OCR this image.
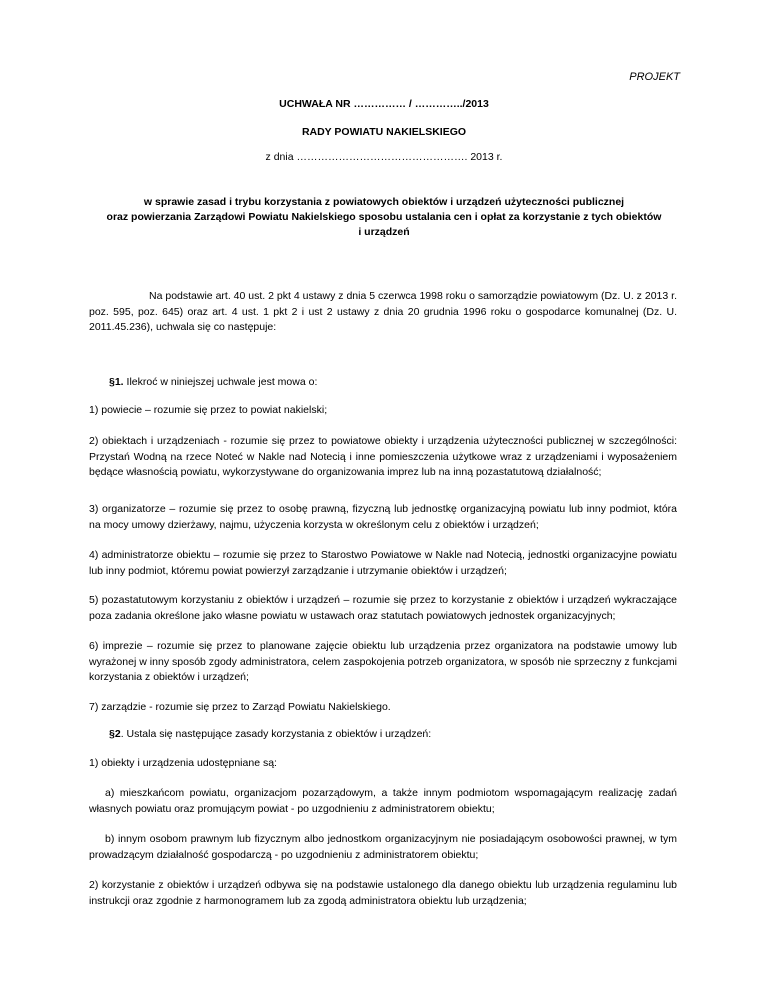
PROJEKT
UCHWAŁA NR …………… / …………../2013
RADY POWIATU NAKIELSKIEGO
z dnia …………………………………………. 2013 r.
w sprawie zasad i trybu korzystania z powiatowych obiektów i urządzeń użyteczności publicznej
oraz powierzania Zarządowi Powiatu Nakielskiego sposobu ustalania cen i opłat za korzystanie z tych obiektów
i urządzeń
Na podstawie art. 40 ust. 2 pkt 4 ustawy z dnia 5 czerwca 1998 roku o samorządzie powiatowym (Dz. U. z 2013 r. poz. 595, poz. 645) oraz art. 4 ust. 1 pkt 2 i ust 2 ustawy z dnia 20 grudnia 1996 roku o gospodarce komunalnej (Dz. U. 2011.45.236), uchwala się co następuje:
§1. Ilekroć w niniejszej uchwale jest mowa o:
1) powiecie – rozumie się przez to powiat nakielski;
2) obiektach i urządzeniach - rozumie się przez to powiatowe obiekty i urządzenia użyteczności publicznej w szczególności: Przystań Wodną na rzece Noteć w Nakle nad Notecią i inne pomieszczenia użytkowe wraz z urządzeniami i wyposażeniem będące własnością powiatu, wykorzystywane do organizowania imprez lub na inną pozastatutową działalność;
3) organizatorze – rozumie się przez to osobę prawną, fizyczną lub jednostkę organizacyjną powiatu lub inny podmiot, która na mocy umowy dzierżawy, najmu, użyczenia korzysta w określonym celu z obiektów i urządzeń;
4) administratorze obiektu – rozumie się przez to Starostwo Powiatowe w Nakle nad Notecią, jednostki organizacyjne powiatu lub inny podmiot, któremu powiat powierzył zarządzanie i utrzymanie obiektów i urządzeń;
5) pozastatutowym korzystaniu z obiektów i urządzeń – rozumie się przez to korzystanie z obiektów i urządzeń wykraczające poza zadania określone jako własne powiatu w ustawach oraz statutach powiatowych jednostek organizacyjnych;
6) imprezie – rozumie się przez to planowane zajęcie obiektu lub urządzenia przez organizatora na podstawie umowy lub wyrażonej w inny sposób zgody administratora, celem zaspokojenia potrzeb organizatora, w sposób nie sprzeczny z funkcjami korzystania z obiektów i urządzeń;
7) zarządzie - rozumie się przez to Zarząd Powiatu Nakielskiego.
§2. Ustala się następujące zasady korzystania z obiektów i urządzeń:
1) obiekty i urządzenia udostępniane są:
a) mieszkańcom powiatu, organizacjom pozarządowym, a także innym podmiotom wspomagającym realizację zadań własnych powiatu oraz promującym powiat - po uzgodnieniu z administratorem obiektu;
b) innym osobom prawnym lub fizycznym albo jednostkom organizacyjnym nie posiadającym osobowości prawnej, w tym prowadzącym działalność gospodarczą - po uzgodnieniu z administratorem obiektu;
2) korzystanie z obiektów i urządzeń odbywa się na podstawie ustalonego dla danego obiektu lub urządzenia regulaminu lub instrukcji oraz zgodnie z harmonogramem lub za zgodą administratora obiektu lub urządzenia;
